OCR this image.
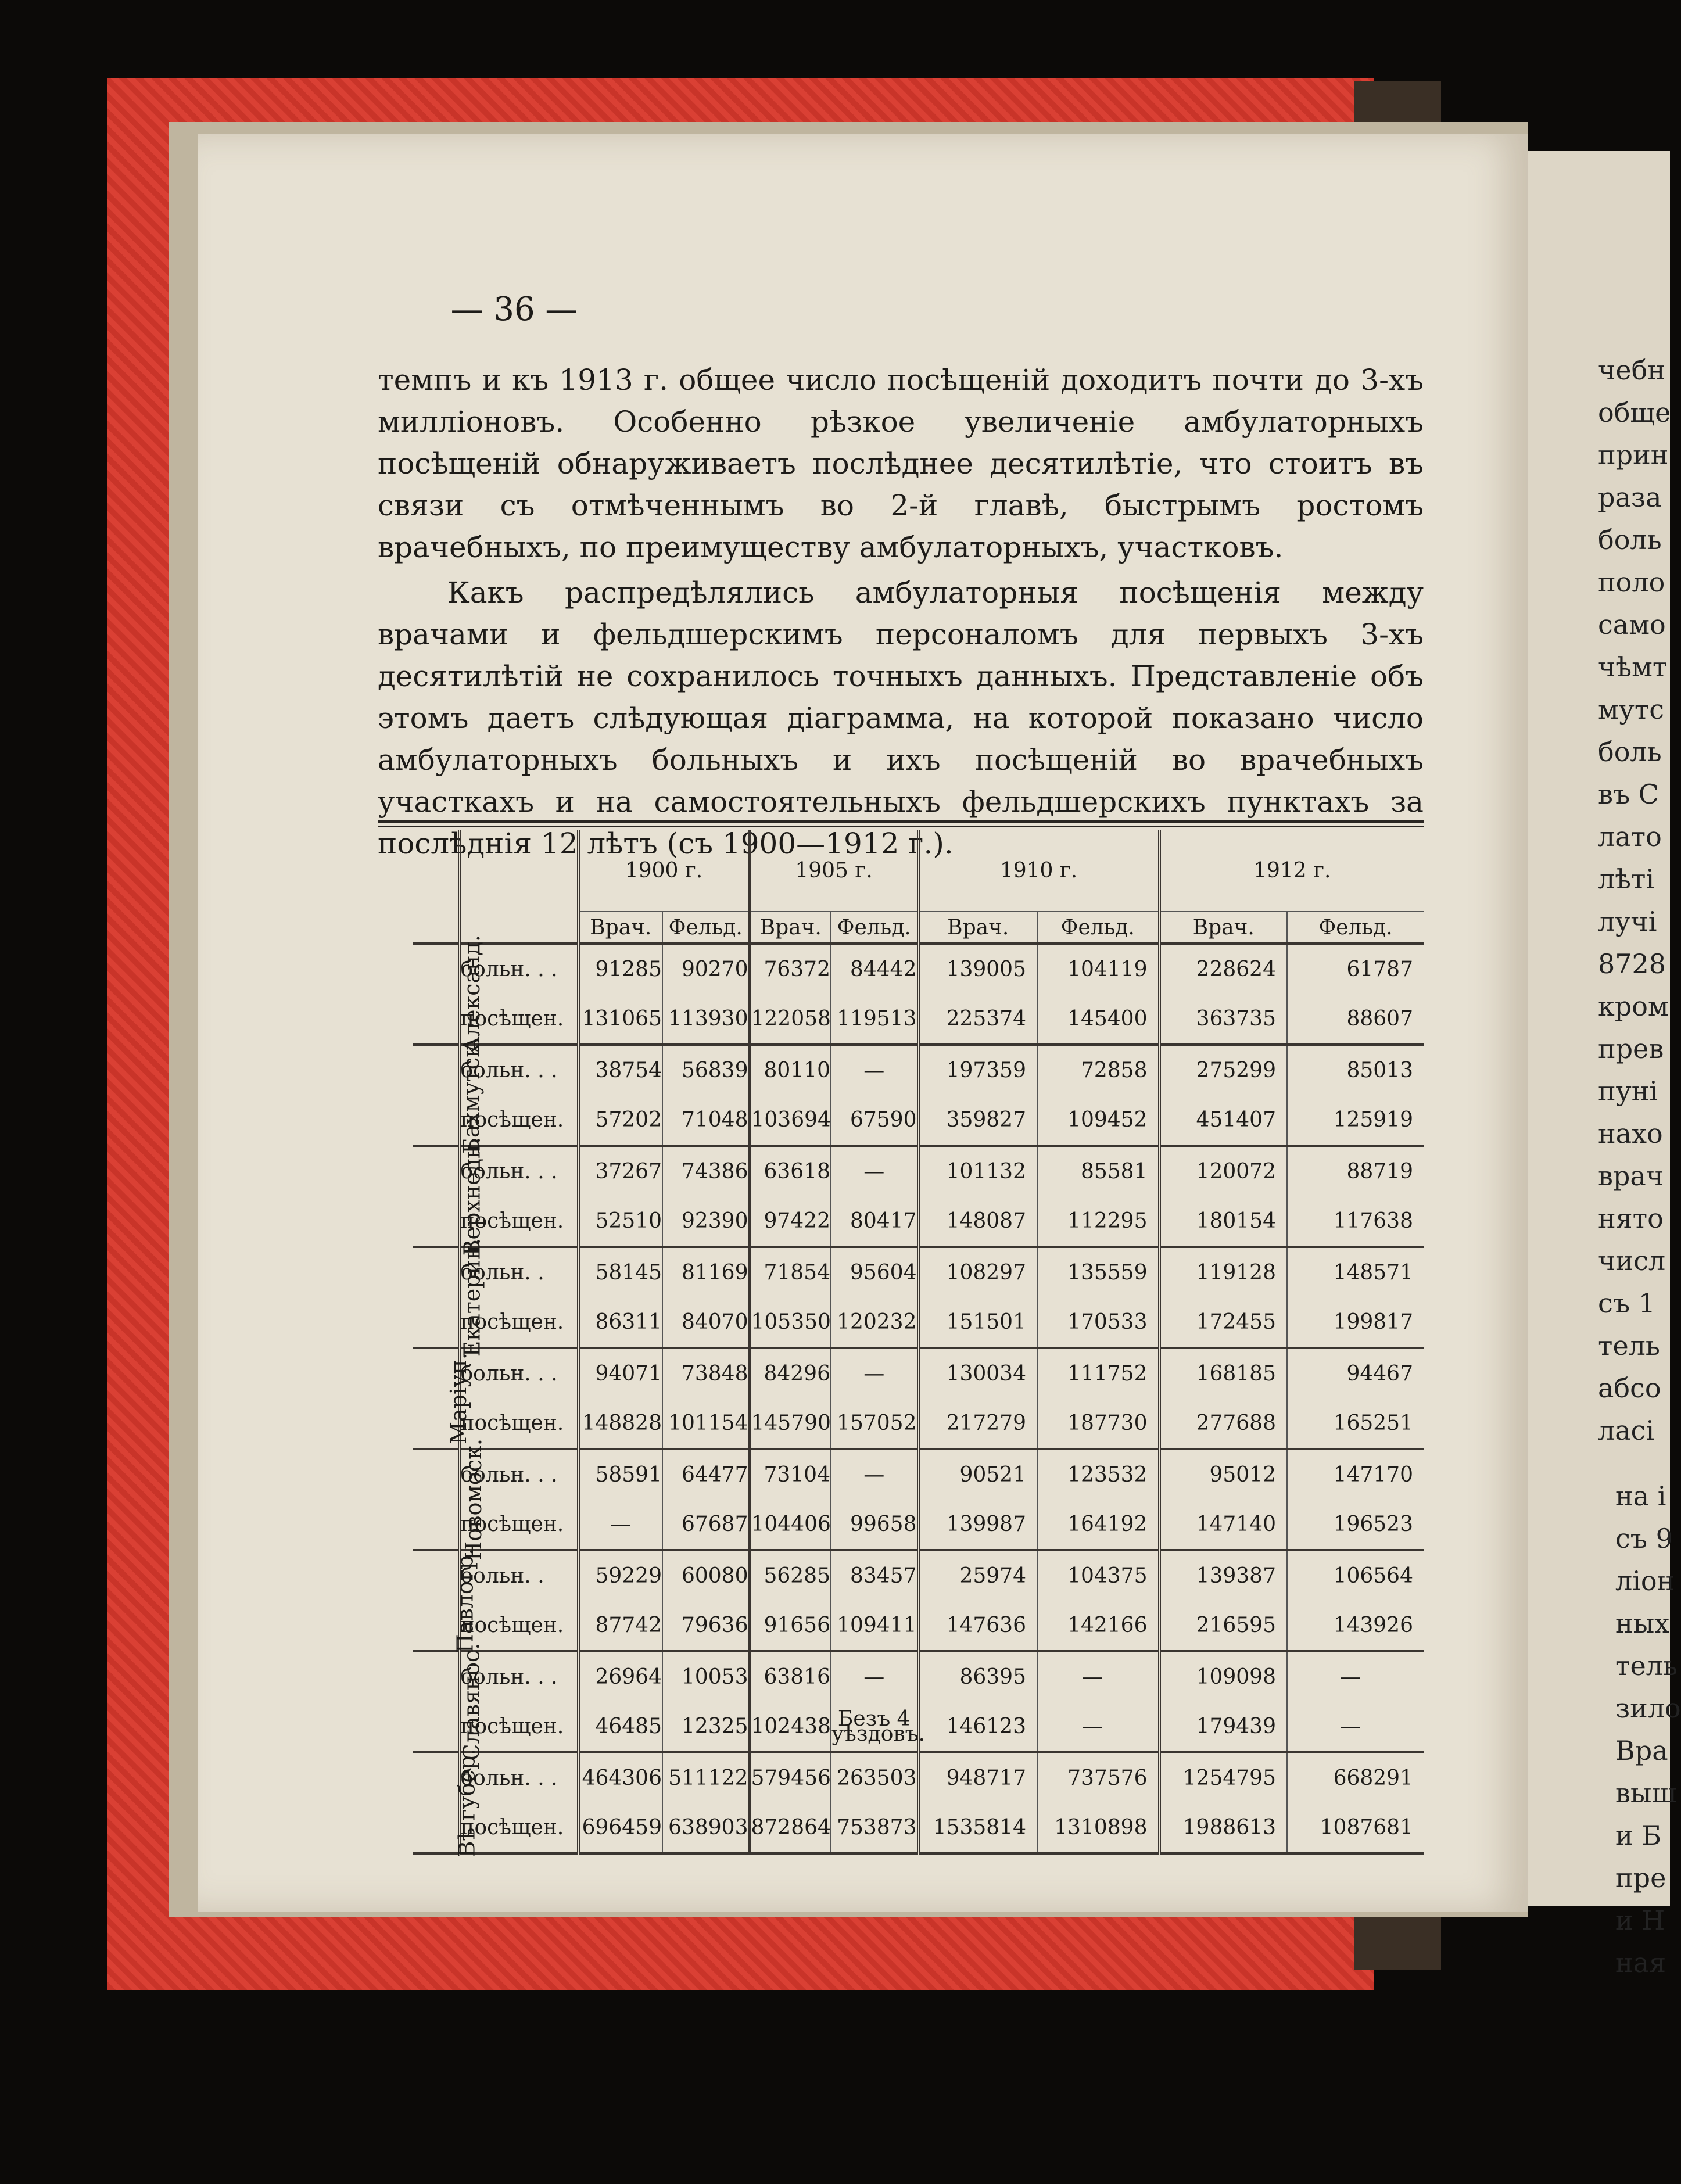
чебн
обще
прин
раза
боль
поло
само
чѣмт
мутс
боль
въ С
лато
лѣті
лучі
8728
кром
прев
пуні
нахо
врач
нято
числ
съ 1
тель
абсо
ласі
на і
съ 9
ліон
ных
тель
зило
Вра
выш
и Б
пре
и Н
ная
— 36 —

темпъ и къ 1913 г. общее число посѣщеній доходитъ почти до 3-хъ милліоновъ. Особенно рѣзкое увеличеніе амбулаторныхъ посѣщеній обнаруживаетъ послѣднее десятилѣтіе, что стоитъ въ связи съ отмѣченнымъ во 2-й главѣ, быстрымъ ростомъ врачебныхъ, по преимуществу амбулаторныхъ, участковъ.

Какъ распредѣлялись амбулаторныя посѣщенія между врачами и фельдшерскимъ персоналомъ для первыхъ 3-хъ десятилѣтій не сохранилось точныхъ данныхъ. Представленіе объ этомъ даетъ слѣдующая діаграмма, на которой показано число амбулаторныхъ больныхъ и ихъ посѣщеній во врачебныхъ участкахъ и на самостоятельныхъ фельдшерскихъ пунктахъ за послѣднія 12 лѣтъ (съ 1900—1912 г.).

		1900 г.		1905 г.		1910 г.		1912 г.	
		Врач.	Фельд.	Врач.	Фельд.	Врач.	Фельд.	Врач.	Фельд.
Александ.	больн. . .	91285	90270	76372	84442	139005	104119	228624	61787
	посѣщен.	131065	113930	122058	119513	225374	145400	363735	88607
Бахмутск.	больн. . .	38754	56839	80110	—	197359	72858	275299	85013
	посѣщен.	57202	71048	103694	67590	359827	109452	451407	125919
Верхнедн.	больн. . .	37267	74386	63618	—	101132	85581	120072	88719
	посѣщен.	52510	92390	97422	80417	148087	112295	180154	117638
Екатерин.	больн. .	58145	81169	71854	95604	108297	135559	119128	148571
	посѣщен.	86311	84070	105350	120232	151501	170533	172455	199817
Маріуп.	больн. . .	94071	73848	84296	—	130034	111752	168185	94467
	посѣщен.	148828	101154	145790	157052	217279	187730	277688	165251
Новомоск.	больн. . .	58591	64477	73104	—	90521	123532	95012	147170
	посѣщен.	—	67687	104406	99658	139987	164192	147140	196523
Павлогр.	больн. .	59229	60080	56285	83457	25974	104375	139387	106564
	посѣщен.	87742	79636	91656	109411	147636	142166	216595	143926
Славянос.	больн. . .	26964	10053	63816	—	86395	—	109098	—
	посѣщен.	46485	12325	102438	Безъ 4 уѣздовъ.	146123	—	179439	—
Вѣ губер.	больн. . .	464306	511122	579456	263503	948717	737576	1254795	668291
	посѣщен.	696459	638903	872864	753873	1535814	1310898	1988613	1087681
